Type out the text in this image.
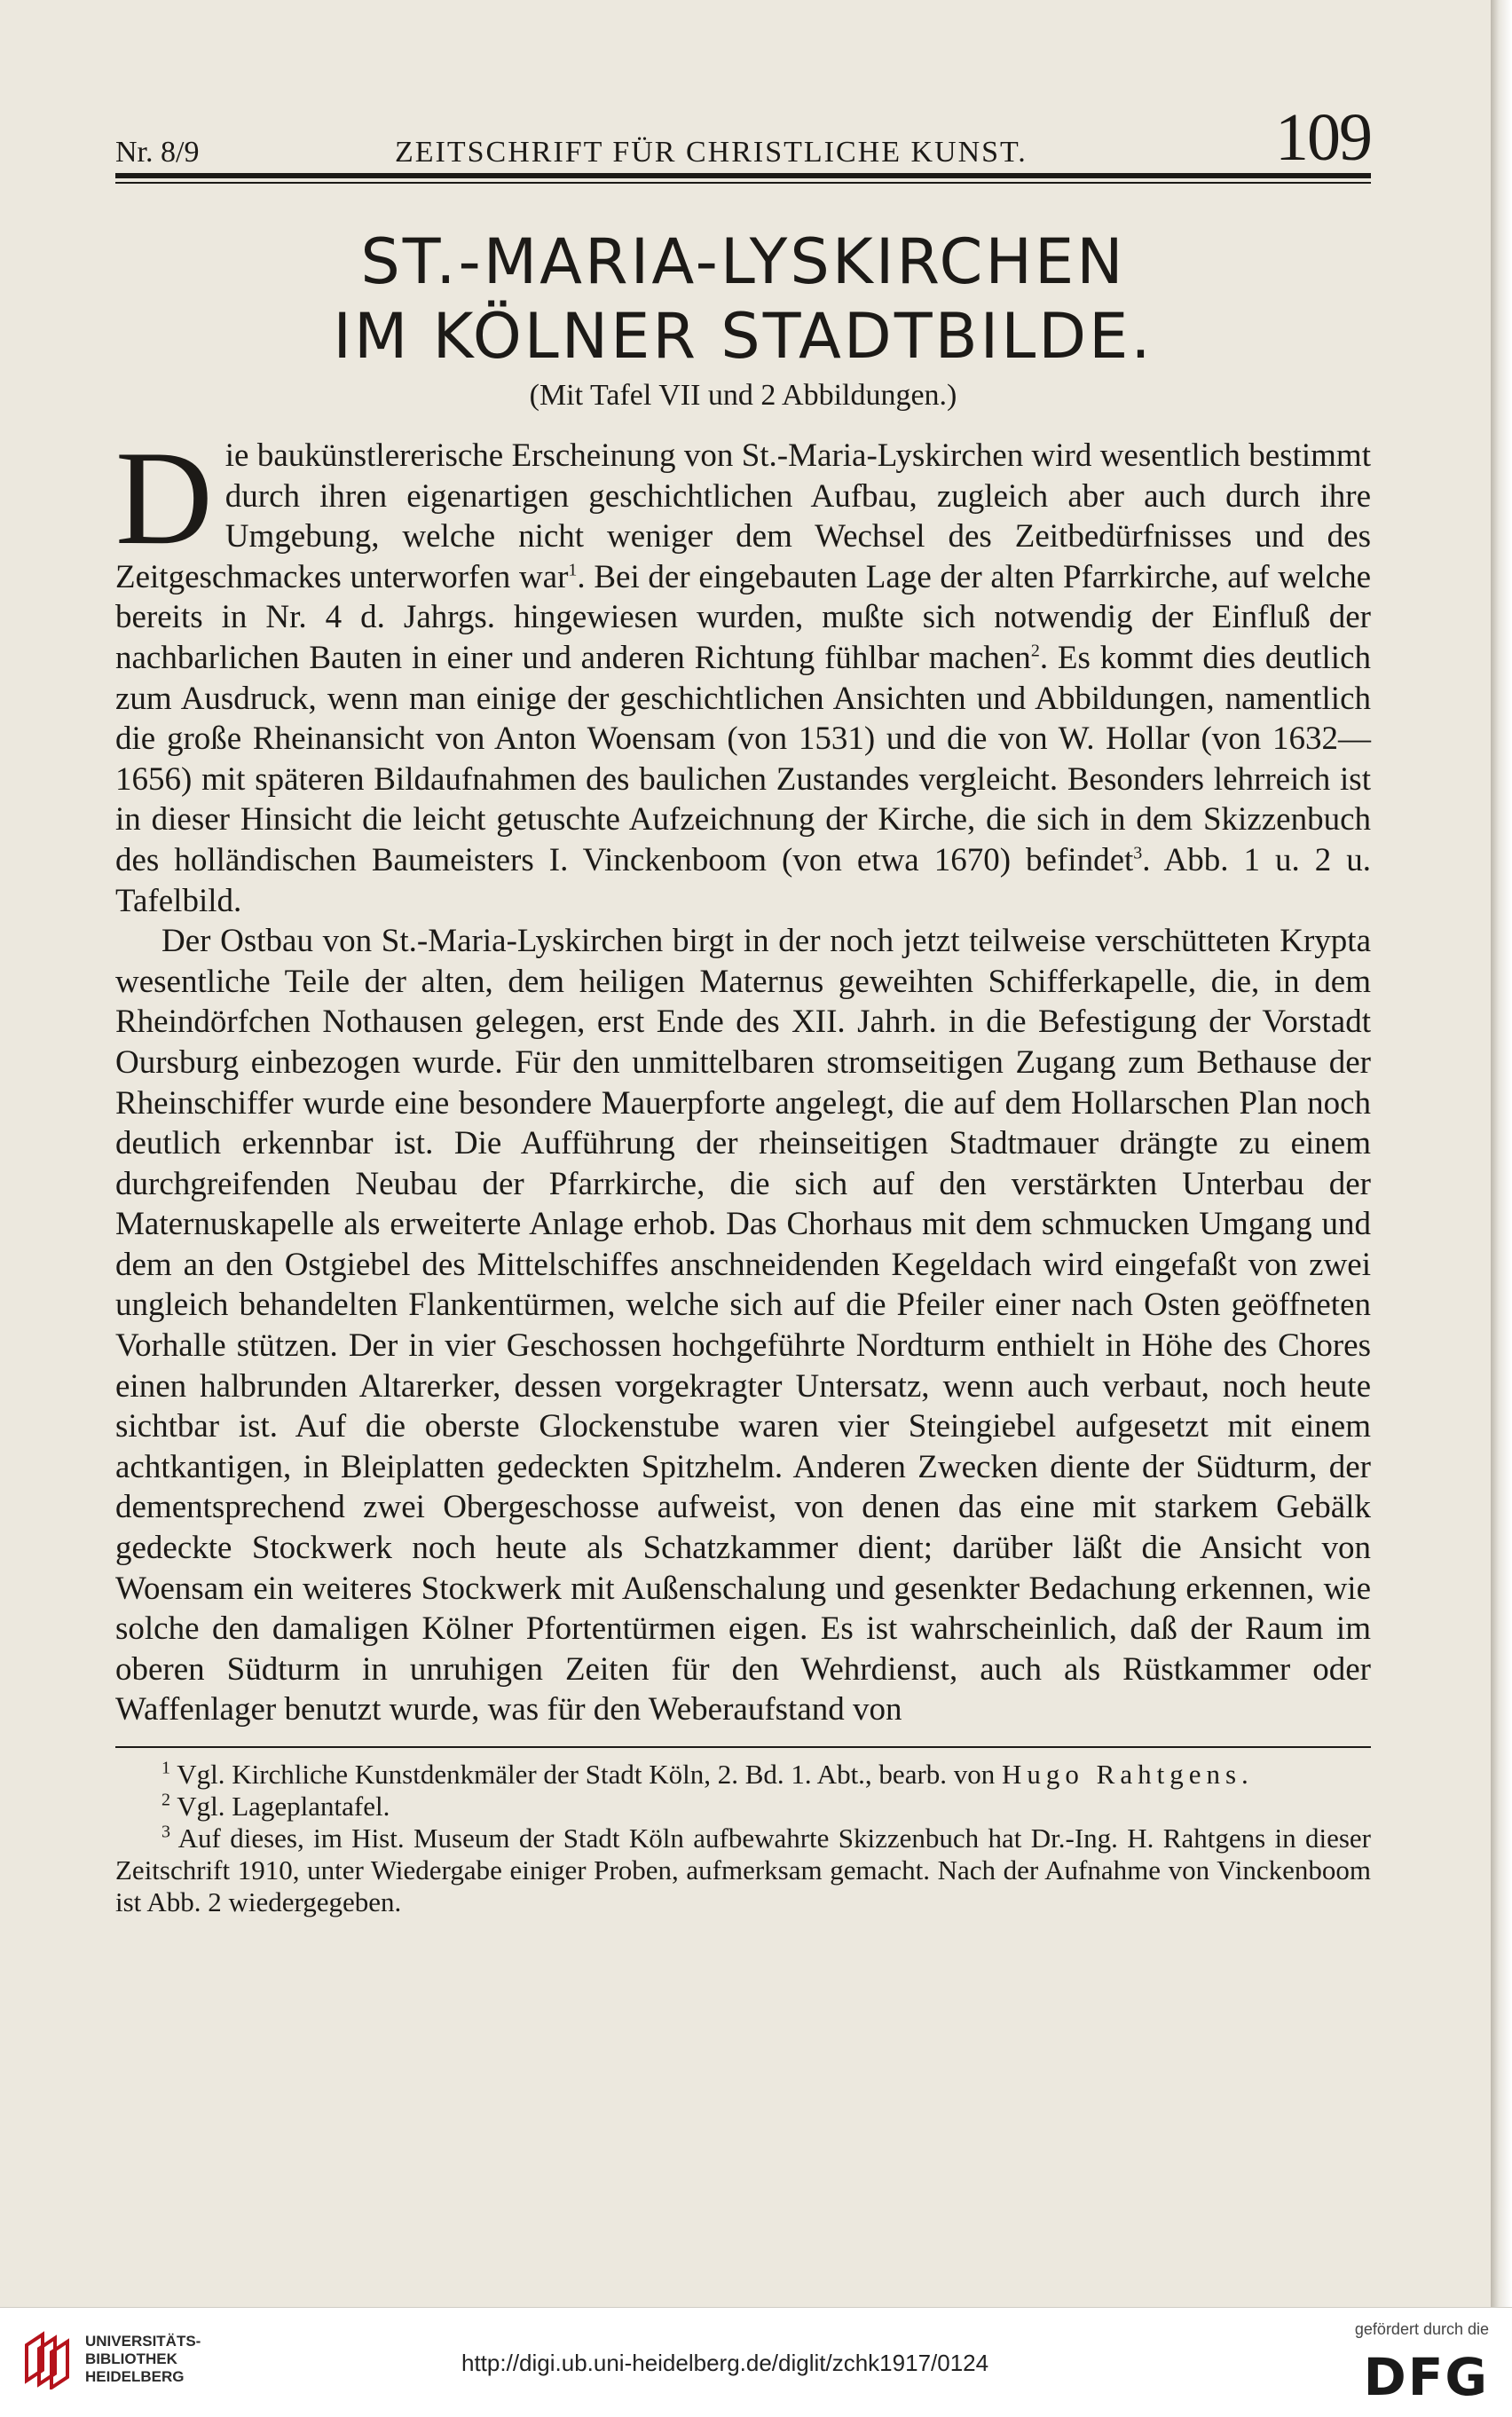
Nr. 8/9	ZEITSCHRIFT FÜR CHRISTLICHE KUNST.	109
ST.-MARIA-LYSKIRCHEN
IM KÖLNER STADTBILDE.
(Mit Tafel VII und 2 Abbildungen.)

Die baukünstlererische Erscheinung von St.-Maria-Lyskirchen wird wesentlich bestimmt durch ihren eigenartigen geschichtlichen Aufbau, zugleich aber auch durch ihre Umgebung, welche nicht weniger dem Wechsel des Zeitbedürfnisses und des Zeitgeschmackes unterworfen war$^1$. Bei der eingebauten Lage der alten Pfarrkirche, auf welche bereits in Nr. 4 d. Jahrgs. hingewiesen wurden, mußte sich notwendig der Einfluß der nachbarlichen Bauten in einer und anderen Richtung fühlbar machen$^2$. Es kommt dies deutlich zum Ausdruck, wenn man einige der geschichtlichen Ansichten und Abbildungen, namentlich die große Rheinansicht von Anton Woensam (von 1531) und die von W. Hollar (von 1632—1656) mit späteren Bildaufnahmen des baulichen Zustandes vergleicht. Besonders lehrreich ist in dieser Hinsicht die leicht getuschte Aufzeichnung der Kirche, die sich in dem Skizzenbuch des holländischen Baumeisters I. Vinckenboom (von etwa 1670) befindet$^3$. Abb. 1 u. 2 u. Tafelbild.

Der Ostbau von St.-Maria-Lyskirchen birgt in der noch jetzt teilweise verschütteten Krypta wesentliche Teile der alten, dem heiligen Maternus geweihten Schifferkapelle, die, in dem Rheindörfchen Nothausen gelegen, erst Ende des XII. Jahrh. in die Befestigung der Vorstadt Oursburg einbezogen wurde. Für den unmittelbaren stromseitigen Zugang zum Bethause der Rheinschiffer wurde eine besondere Mauerpforte angelegt, die auf dem Hollarschen Plan noch deutlich erkennbar ist. Die Aufführung der rheinseitigen Stadtmauer drängte zu einem durchgreifenden Neubau der Pfarrkirche, die sich auf den verstärkten Unterbau der Maternuskapelle als erweiterte Anlage erhob. Das Chorhaus mit dem schmucken Umgang und dem an den Ostgiebel des Mittelschiffes anschneidenden Kegeldach wird eingefaßt von zwei ungleich behandelten Flankentürmen, welche sich auf die Pfeiler einer nach Osten geöffneten Vorhalle stützen. Der in vier Geschossen hochgeführte Nordturm enthielt in Höhe des Chores einen halbrunden Altarerker, dessen vorgekragter Untersatz, wenn auch verbaut, noch heute sichtbar ist. Auf die oberste Glockenstube waren vier Steingiebel aufgesetzt mit einem achtkantigen, in Bleiplatten gedeckten Spitzhelm. Anderen Zwecken diente der Südturm, der dementsprechend zwei Obergeschosse aufweist, von denen das eine mit starkem Gebälk gedeckte Stockwerk noch heute als Schatzkammer dient; darüber läßt die Ansicht von Woensam ein weiteres Stockwerk mit Außenschalung und gesenkter Bedachung erkennen, wie solche den damaligen Kölner Pfortentürmen eigen. Es ist wahrscheinlich, daß der Raum im oberen Südturm in unruhigen Zeiten für den Wehrdienst, auch als Rüstkammer oder Waffenlager benutzt wurde, was für den Weberaufstand von

$^1$ Vgl. Kirchliche Kunstdenkmäler der Stadt Köln, 2. Bd. 1. Abt., bearb. von Hugo Rahtgens.

$^2$ Vgl. Lageplantafel.

$^3$ Auf dieses, im Hist. Museum der Stadt Köln aufbewahrte Skizzenbuch hat Dr.-Ing. H. Rahtgens in dieser Zeitschrift 1910, unter Wiedergabe einiger Proben, aufmerksam gemacht. Nach der Aufnahme von Vinckenboom ist Abb. 2 wiedergegeben.

UNIVERSITÄTS-
BIBLIOTHEK
HEIDELBERG
http://digi.ub.uni-heidelberg.de/diglit/zchk1917/0124
gefördert durch die
DFG
